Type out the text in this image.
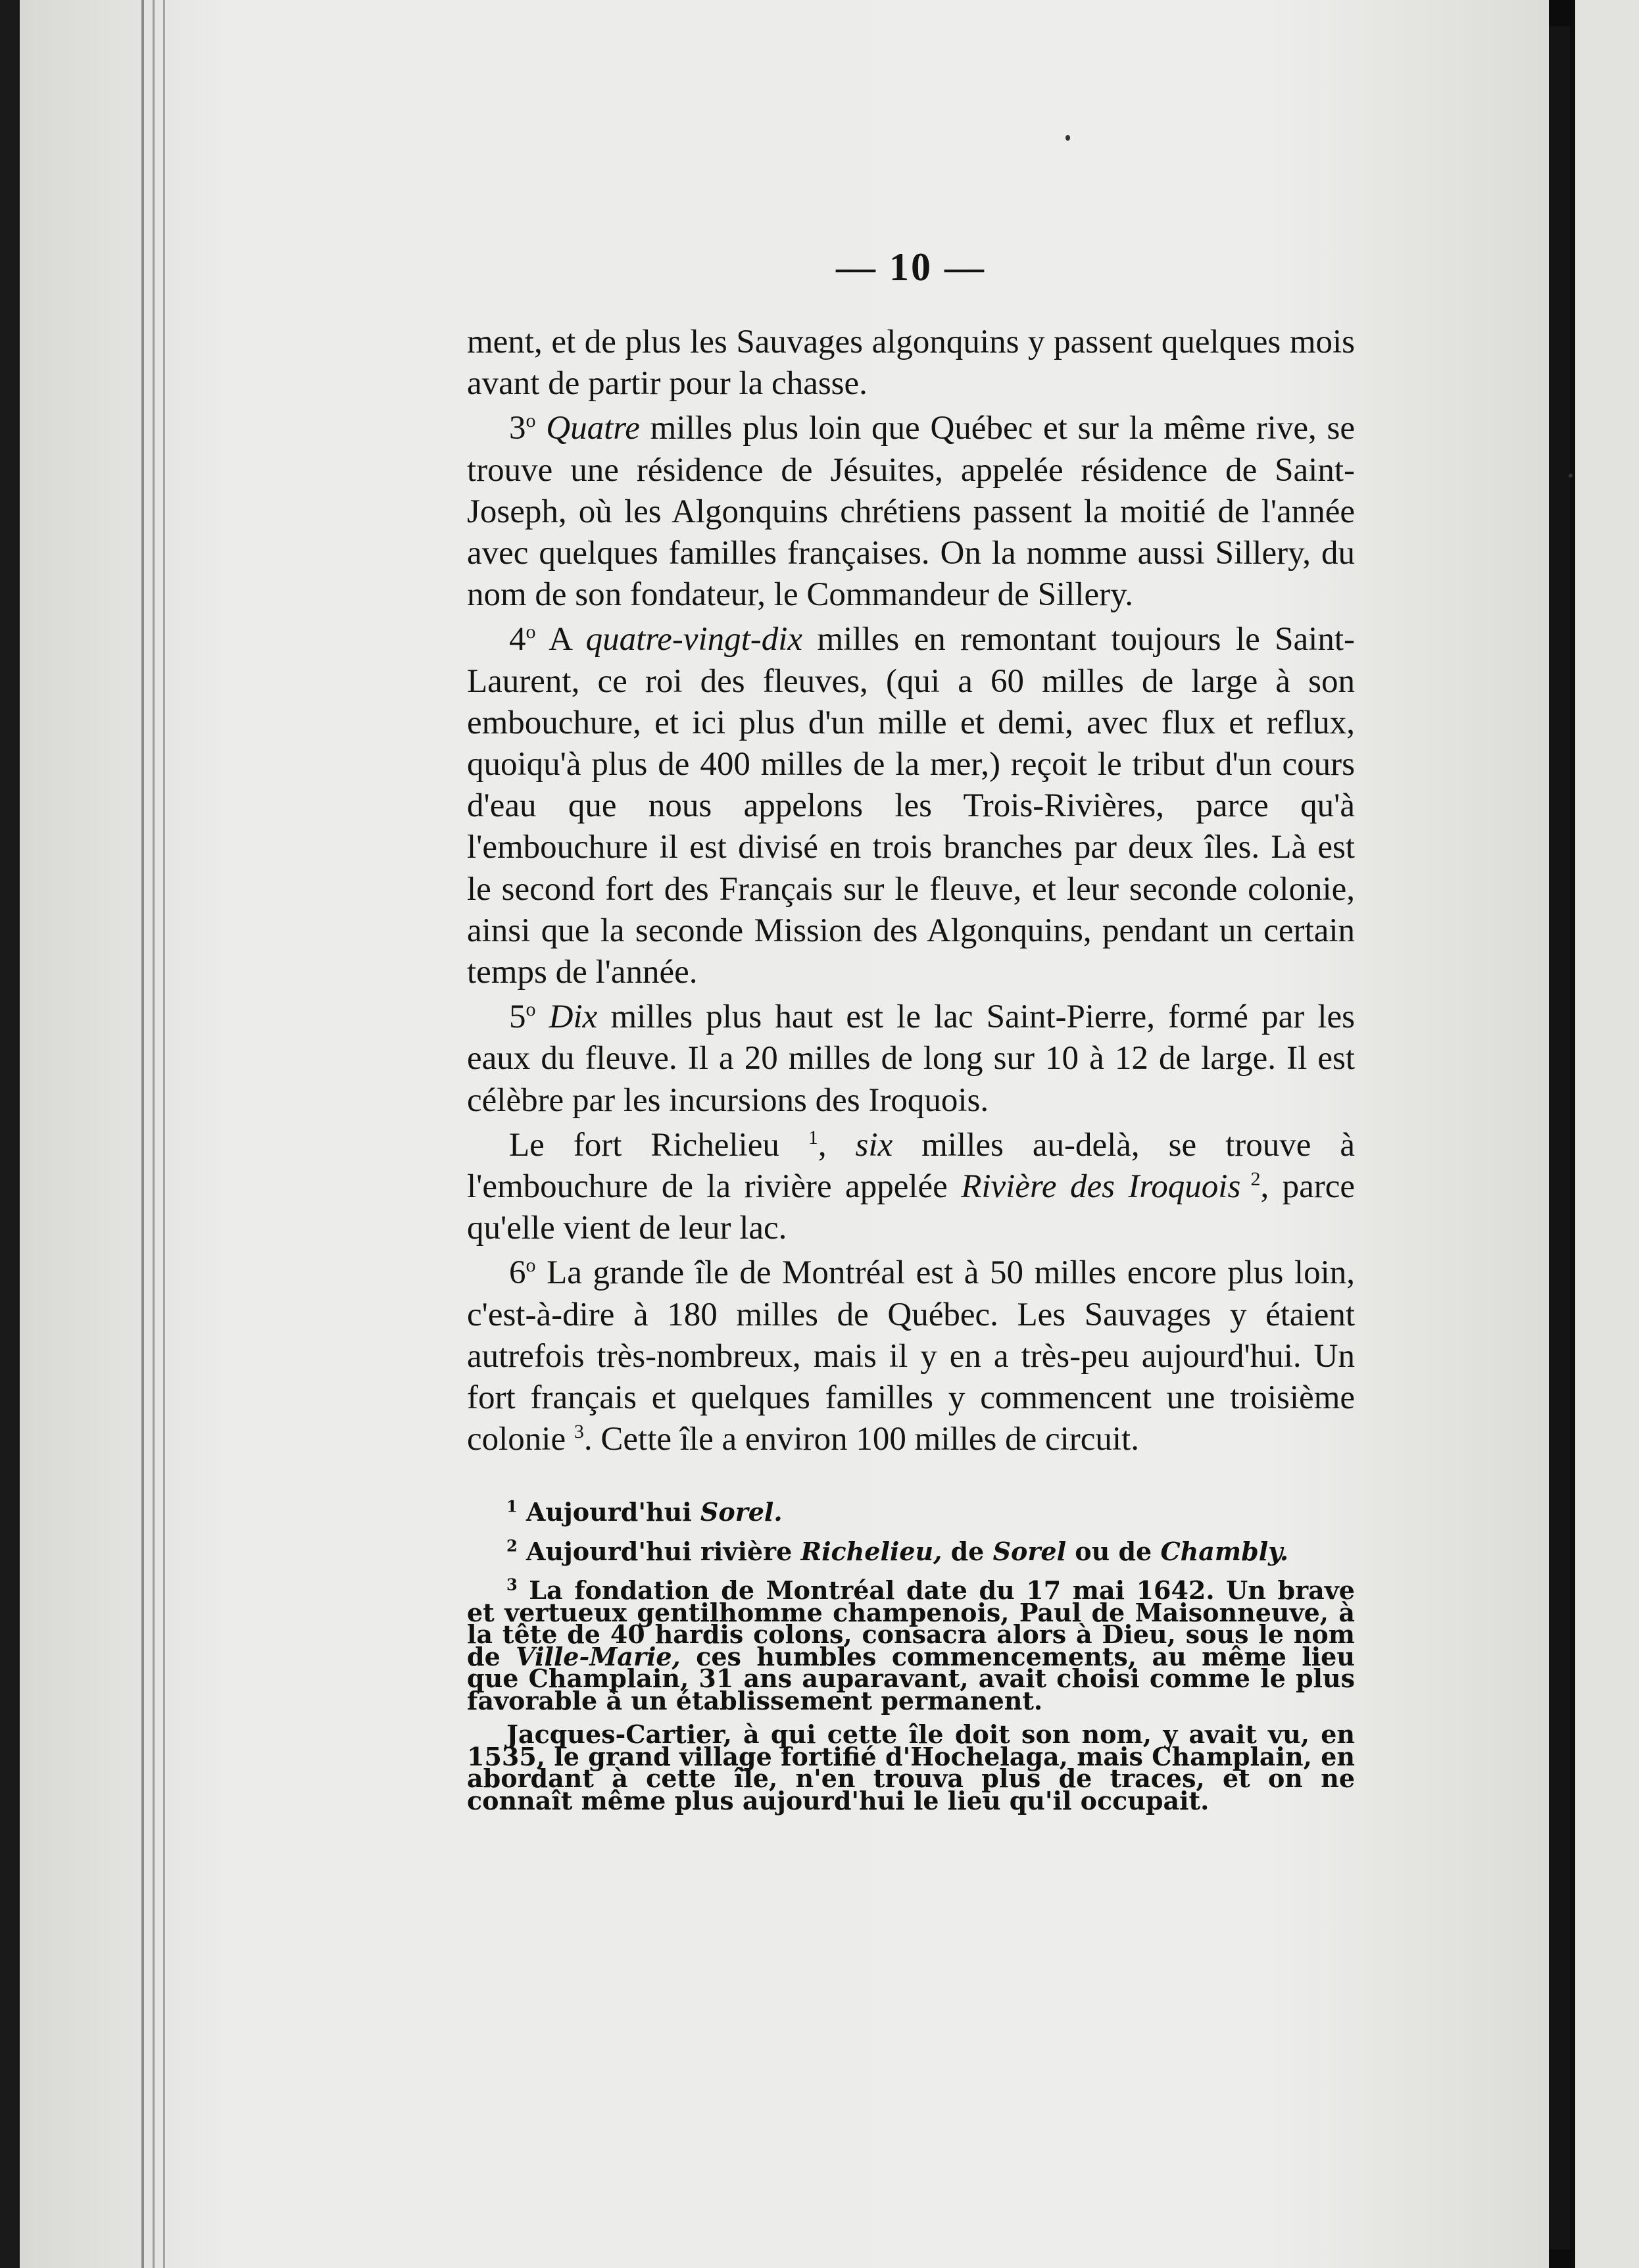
— 10 —

ment, et de plus les Sauvages algonquins y passent quelques mois avant de partir pour la chasse.

3$^o$ Quatre milles plus loin que Québec et sur la même rive, se trouve une résidence de Jésuites, appelée résidence de Saint-Joseph, où les Algonquins chrétiens passent la moitié de l'année avec quelques familles françaises. On la nomme aussi Sillery, du nom de son fondateur, le Commandeur de Sillery.

4$^o$ A quatre-vingt-dix milles en remontant toujours le Saint-Laurent, ce roi des fleuves, (qui a 60 milles de large à son embouchure, et ici plus d'un mille et demi, avec flux et reflux, quoiqu'à plus de 400 milles de la mer,) reçoit le tribut d'un cours d'eau que nous appelons les Trois-Rivières, parce qu'à l'embouchure il est divisé en trois branches par deux îles. Là est le second fort des Français sur le fleuve, et leur seconde colonie, ainsi que la seconde Mission des Algonquins, pendant un certain temps de l'année.

5$^o$ Dix milles plus haut est le lac Saint-Pierre, formé par les eaux du fleuve. Il a 20 milles de long sur 10 à 12 de large. Il est célèbre par les incursions des Iroquois.

Le fort Richelieu $^1$, six milles au-delà, se trouve à l'embouchure de la rivière appelée Rivière des Iroquois $^2$, parce qu'elle vient de leur lac.

6$^o$ La grande île de Montréal est à 50 milles encore plus loin, c'est-à-dire à 180 milles de Québec. Les Sauvages y étaient autrefois très-nombreux, mais il y en a très-peu aujourd'hui. Un fort français et quelques familles y commencent une troisième colonie $^3$. Cette île a environ 100 milles de circuit.

$^1$ Aujourd'hui Sorel.

$^2$ Aujourd'hui rivière Richelieu, de Sorel ou de Chambly.

$^3$ La fondation de Montréal date du 17 mai 1642. Un brave et vertueux gentilhomme champenois, Paul de Maisonneuve, à la tête de 40 hardis colons, consacra alors à Dieu, sous le nom de Ville-Marie, ces humbles commencements, au même lieu que Champlain, 31 ans auparavant, avait choisi comme le plus favorable à un établissement permanent.

Jacques-Cartier, à qui cette île doit son nom, y avait vu, en 1535, le grand village fortifié d'Hochelaga, mais Champlain, en abordant à cette île, n'en trouva plus de traces, et on ne connaît même plus aujourd'hui le lieu qu'il occupait.
